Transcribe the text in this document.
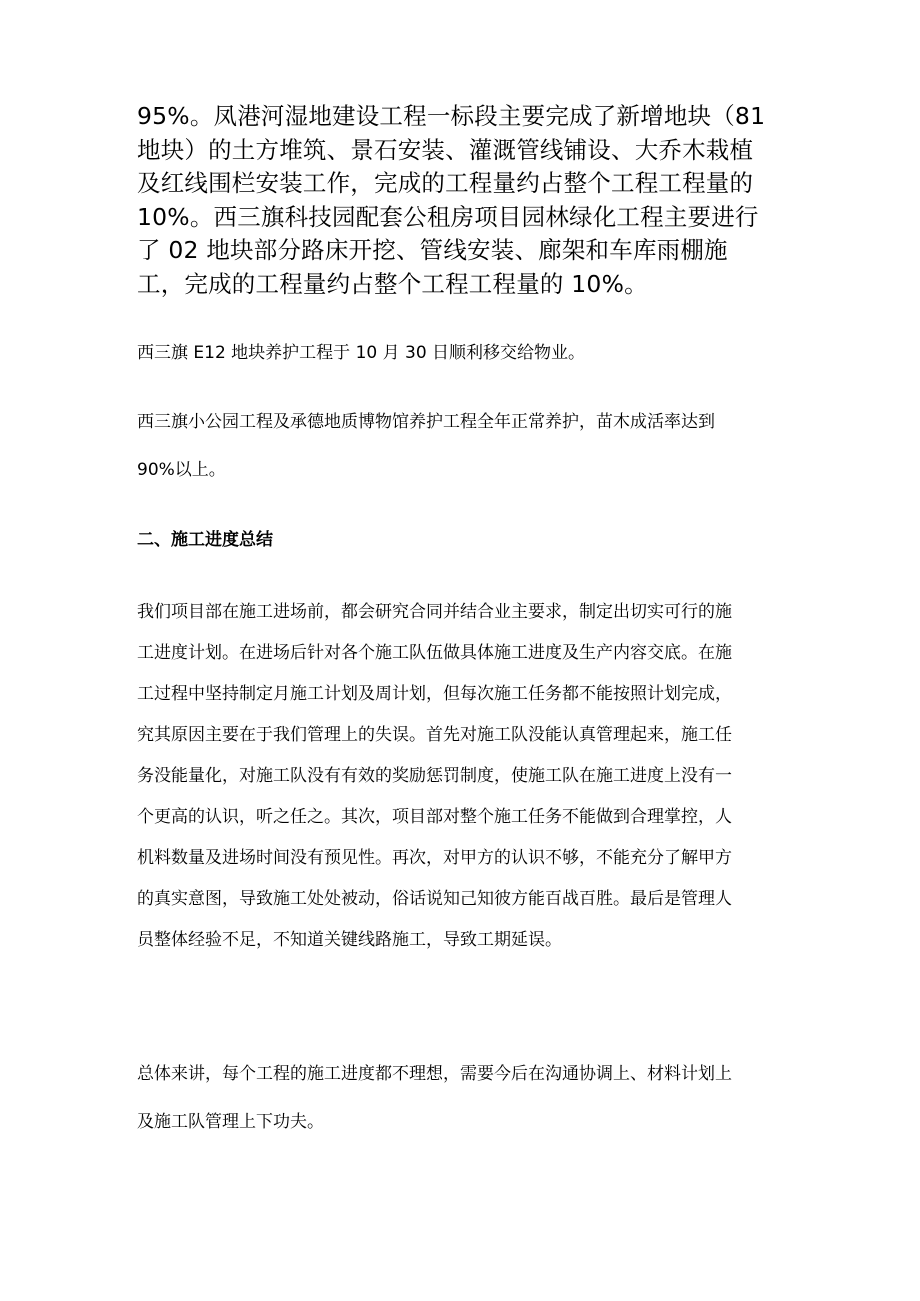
95%。凤港河湿地建设工程一标段主要完成了新增地块（81
地块）的土方堆筑、景石安装、灌溉管线铺设、大乔木栽植
及红线围栏安装工作，完成的工程量约占整个工程工程量的
10%。西三旗科技园配套公租房项目园林绿化工程主要进行
了 02 地块部分路床开挖、管线安装、廊架和车库雨棚施
工，完成的工程量约占整个工程工程量的 10%。

西三旗 E12 地块养护工程于 10 月 30 日顺利移交给物业。

西三旗小公园工程及承德地质博物馆养护工程全年正常养护，苗木成活率达到
90%以上。

二、施工进度总结

我们项目部在施工进场前，都会研究合同并结合业主要求，制定出切实可行的施
工进度计划。在进场后针对各个施工队伍做具体施工进度及生产内容交底。在施
工过程中坚持制定月施工计划及周计划，但每次施工任务都不能按照计划完成，
究其原因主要在于我们管理上的失误。首先对施工队没能认真管理起来，施工任
务没能量化，对施工队没有有效的奖励惩罚制度，使施工队在施工进度上没有一
个更高的认识，听之任之。其次，项目部对整个施工任务不能做到合理掌控，人
机料数量及进场时间没有预见性。再次，对甲方的认识不够，不能充分了解甲方
的真实意图，导致施工处处被动，俗话说知己知彼方能百战百胜。最后是管理人
员整体经验不足，不知道关键线路施工，导致工期延误。

总体来讲，每个工程的施工进度都不理想，需要今后在沟通协调上、材料计划上
及施工队管理上下功夫。
